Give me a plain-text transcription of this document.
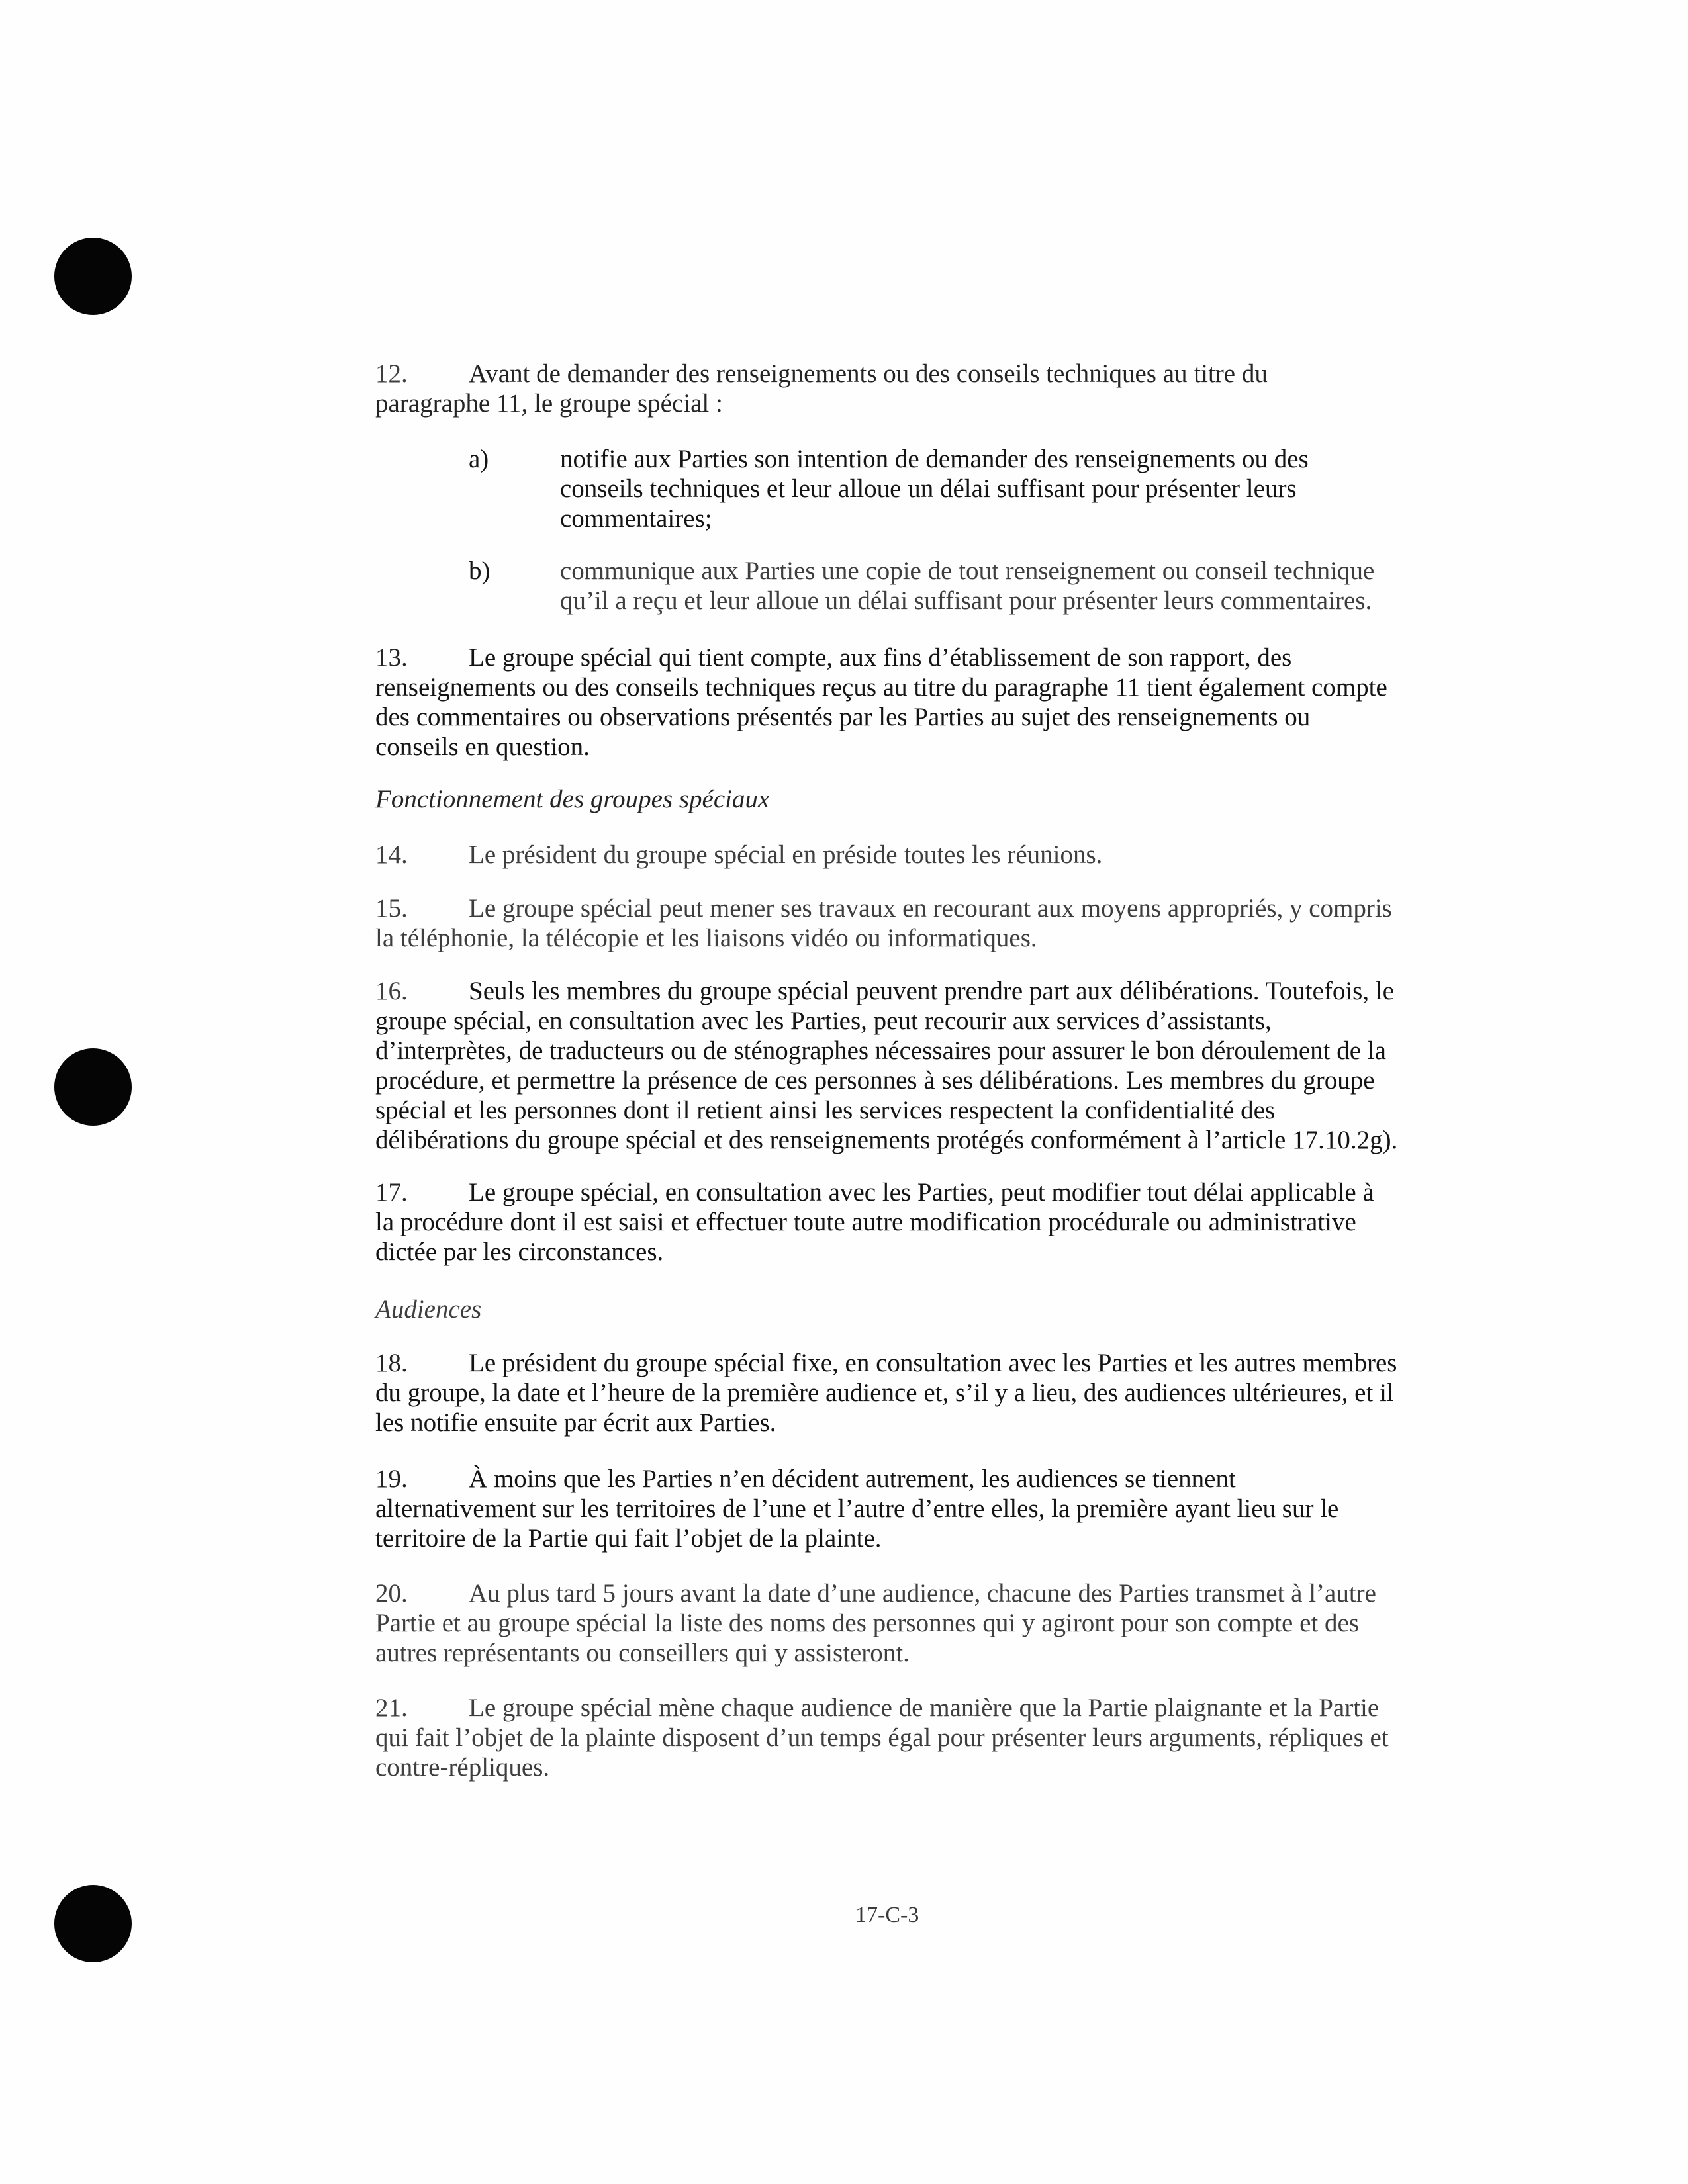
12. Avant de demander des renseignements ou des conseils techniques au titre du
paragraphe 11, le groupe spécial :
a)	notifie aux Parties son intention de demander des renseignements ou des
conseils techniques et leur alloue un délai suffisant pour présenter leurs
commentaires;
b)	communique aux Parties une copie de tout renseignement ou conseil technique
qu’il a reçu et leur alloue un délai suffisant pour présenter leurs commentaires.
13. Le groupe spécial qui tient compte, aux fins d’établissement de son rapport, des
renseignements ou des conseils techniques reçus au titre du paragraphe 11 tient également compte
des commentaires ou observations présentés par les Parties au sujet des renseignements ou
conseils en question.
Fonctionnement des groupes spéciaux
14. Le président du groupe spécial en préside toutes les réunions.
15. Le groupe spécial peut mener ses travaux en recourant aux moyens appropriés, y compris
la téléphonie, la télécopie et les liaisons vidéo ou informatiques.
16. Seuls les membres du groupe spécial peuvent prendre part aux délibérations. Toutefois, le
groupe spécial, en consultation avec les Parties, peut recourir aux services d’assistants,
d’interprètes, de traducteurs ou de sténographes nécessaires pour assurer le bon déroulement de la
procédure, et permettre la présence de ces personnes à ses délibérations. Les membres du groupe
spécial et les personnes dont il retient ainsi les services respectent la confidentialité des
délibérations du groupe spécial et des renseignements protégés conformément à l’article 17.10.2g).
17. Le groupe spécial, en consultation avec les Parties, peut modifier tout délai applicable à
la procédure dont il est saisi et effectuer toute autre modification procédurale ou administrative
dictée par les circonstances.
Audiences
18. Le président du groupe spécial fixe, en consultation avec les Parties et les autres membres
du groupe, la date et l’heure de la première audience et, s’il y a lieu, des audiences ultérieures, et il
les notifie ensuite par écrit aux Parties.
19. À moins que les Parties n’en décident autrement, les audiences se tiennent
alternativement sur les territoires de l’une et l’autre d’entre elles, la première ayant lieu sur le
territoire de la Partie qui fait l’objet de la plainte.
20. Au plus tard 5 jours avant la date d’une audience, chacune des Parties transmet à l’autre
Partie et au groupe spécial la liste des noms des personnes qui y agiront pour son compte et des
autres représentants ou conseillers qui y assisteront.
21. Le groupe spécial mène chaque audience de manière que la Partie plaignante et la Partie
qui fait l’objet de la plainte disposent d’un temps égal pour présenter leurs arguments, répliques et
contre-répliques.
17-C-3
